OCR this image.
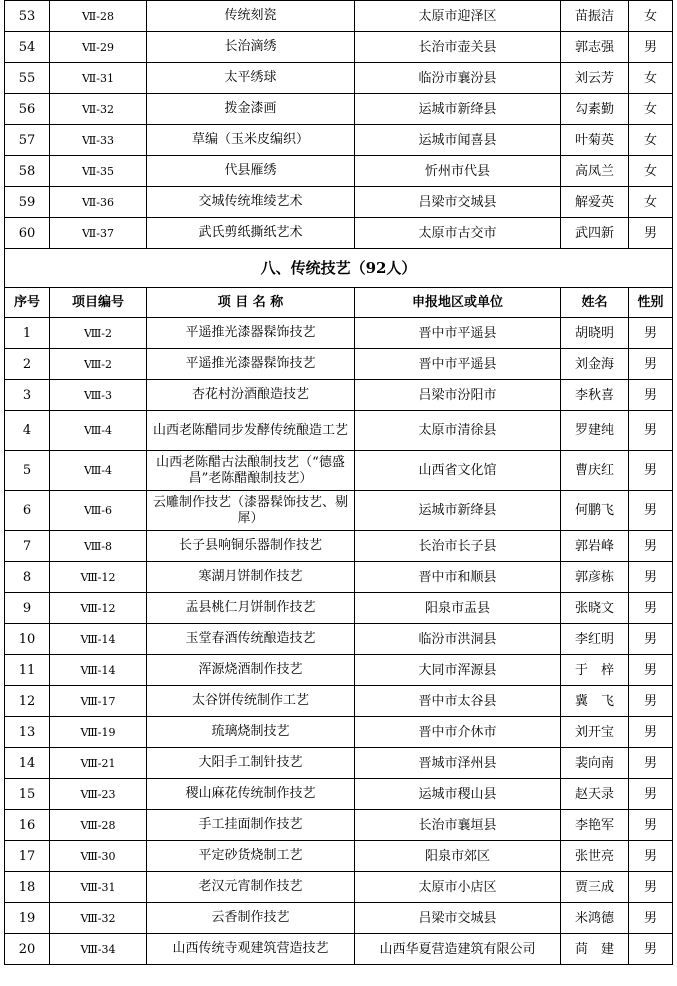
53	Ⅶ-28	传统刻瓷	太原市迎泽区	苗振洁	女
54	Ⅶ-29	长治滴绣	长治市壶关县	郭志强	男
55	Ⅶ-31	太平绣球	临汾市襄汾县	刘云芳	女
56	Ⅶ-32	拨金漆画	运城市新绛县	勾素勤	女
57	Ⅶ-33	草编（玉米皮编织）	运城市闻喜县	叶菊英	女
58	Ⅶ-35	代县雁绣	忻州市代县	高凤兰	女
59	Ⅶ-36	交城传统堆绫艺术	吕梁市交城县	解爱英	女
60	Ⅶ-37	武氏剪纸撕纸艺术	太原市古交市	武四新	男
八、传统技艺（92人）					
序号	项目编号	项 目 名 称	申报地区或单位	姓名	性别
1	Ⅷ-2	平遥推光漆器髹饰技艺	晋中市平遥县	胡晓明	男
2	Ⅷ-2	平遥推光漆器髹饰技艺	晋中市平遥县	刘金海	男
3	Ⅷ-3	杏花村汾酒酿造技艺	吕梁市汾阳市	李秋喜	男
4	Ⅷ-4	山西老陈醋同步发酵传统酿造工艺	太原市清徐县	罗建纯	男
5	Ⅷ-4	山西老陈醋古法酿制技艺（“德盛昌”老陈醋酿制技艺）	山西省文化馆	曹庆红	男
6	Ⅷ-6	云雕制作技艺（漆器髹饰技艺、剔犀）	运城市新绛县	何鹏飞	男
7	Ⅷ-8	长子县响铜乐器制作技艺	长治市长子县	郭岩峰	男
8	Ⅷ-12	寒湖月饼制作技艺	晋中市和顺县	郭彦栋	男
9	Ⅷ-12	盂县桃仁月饼制作技艺	阳泉市盂县	张晓文	男
10	Ⅷ-14	玉堂春酒传统酿造技艺	临汾市洪洞县	李红明	男
11	Ⅷ-14	浑源烧酒制作技艺	大同市浑源县	于　梓	男
12	Ⅷ-17	太谷饼传统制作工艺	晋中市太谷县	冀　飞	男
13	Ⅷ-19	琉璃烧制技艺	晋中市介休市	刘开宝	男
14	Ⅷ-21	大阳手工制针技艺	晋城市泽州县	裴向南	男
15	Ⅷ-23	稷山麻花传统制作技艺	运城市稷山县	赵天录	男
16	Ⅷ-28	手工挂面制作技艺	长治市襄垣县	李艳军	男
17	Ⅷ-30	平定砂货烧制工艺	阳泉市郊区	张世亮	男
18	Ⅷ-31	老汉元宵制作技艺	太原市小店区	贾三成	男
19	Ⅷ-32	云香制作技艺	吕梁市交城县	米鸿德	男
20	Ⅷ-34	山西传统寺观建筑营造技艺	山西华夏营造建筑有限公司	苘　建	男
